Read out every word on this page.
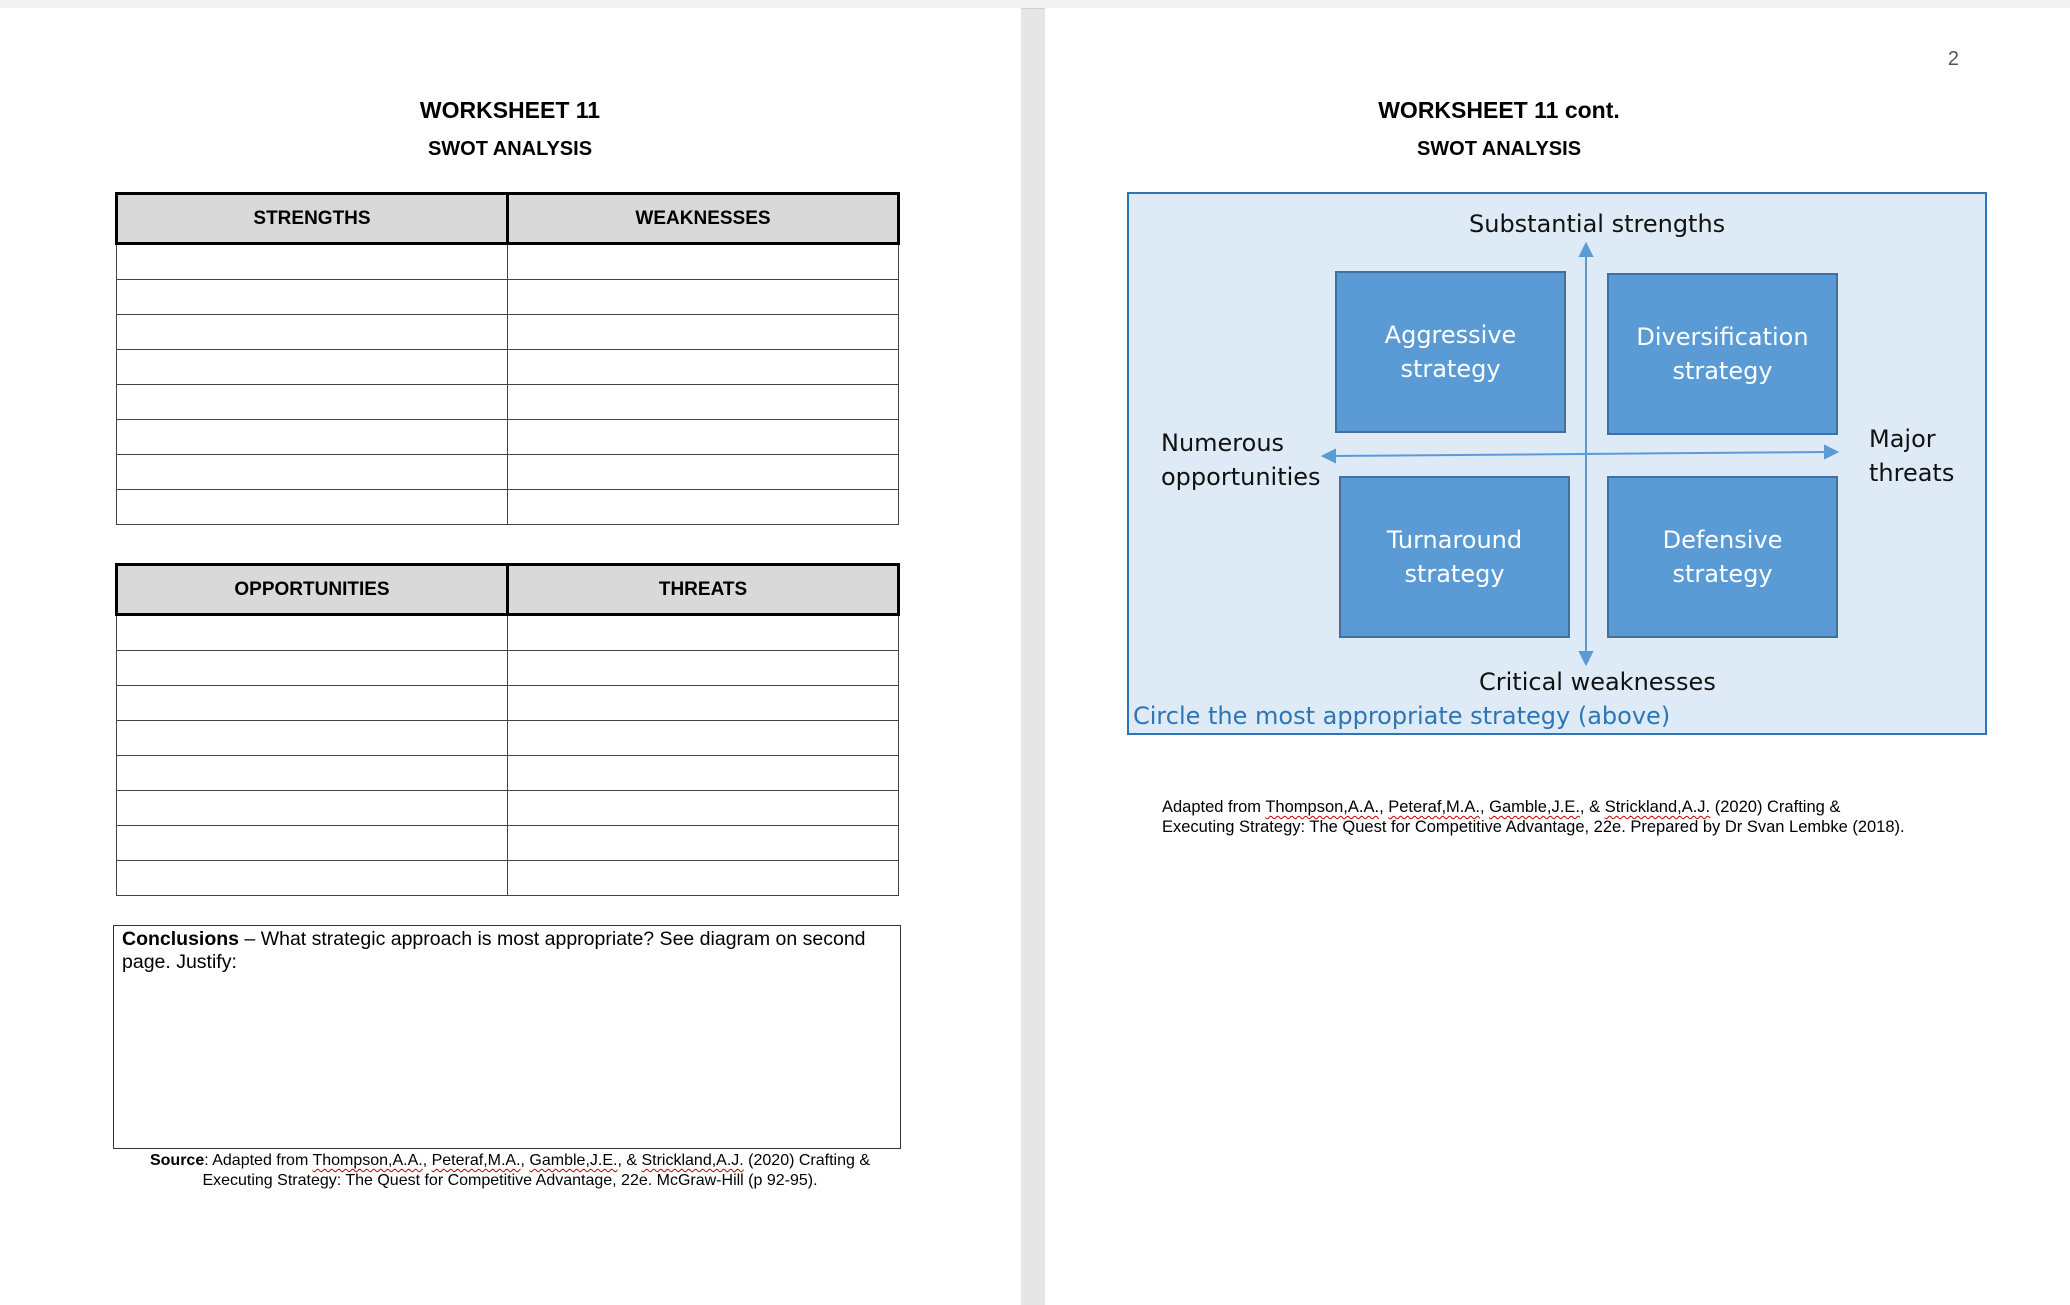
WORKSHEET 11
SWOT ANALYSIS
STRENGTHS	WEAKNESSES

OPPORTUNITIES	THREATS

Conclusions – What strategic approach is most appropriate? See diagram on second page. Justify:
Source: Adapted from Thompson,A.A., Peteraf,M.A., Gamble,J.E., & Strickland,A.J. (2020) Crafting & Executing Strategy: The Quest for Competitive Advantage, 22e. McGraw-Hill (p 92-95).
2
WORKSHEET 11 cont.
SWOT ANALYSIS
Substantial strengths
Critical weaknesses
Numerous
opportunities
Major
threats
Aggressive
strategy
Diversification
strategy
Turnaround
strategy
Defensive
strategy
Circle the most appropriate strategy (above)
Adapted from Thompson,A.A., Peteraf,M.A., Gamble,J.E., & Strickland,A.J. (2020) Crafting &
Executing Strategy: The Quest for Competitive Advantage, 22e. Prepared by Dr Svan Lembke (2018).
